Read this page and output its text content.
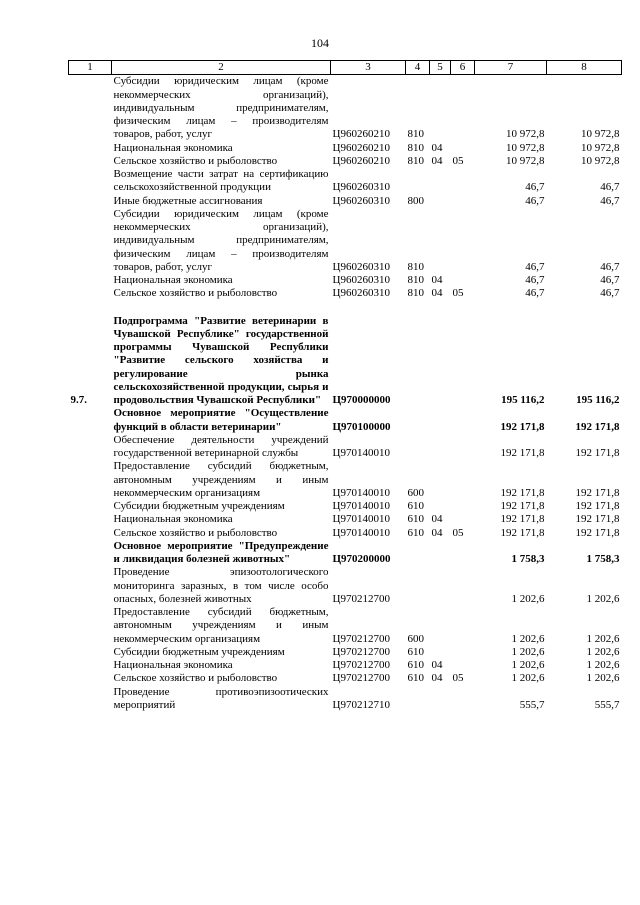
104
1	2	3	4	5	6	7	8
	Субсидии юридическим лицам (кроме некоммерческих организаций), индивидуальным предпринимателям, физическим лицам – производителям товаров, работ, услуг	Ц960260210	810			10 972,8	10 972,8
	Национальная экономика	Ц960260210	810	04		10 972,8	10 972,8
	Сельское хозяйство и рыболовство	Ц960260210	810	04	05	10 972,8	10 972,8
	Возмещение части затрат на сертификацию сельскохозяйственной продукции	Ц960260310				46,7	46,7
	Иные бюджетные ассигнования	Ц960260310	800			46,7	46,7
	Субсидии юридическим лицам (кроме некоммерческих организаций), индивидуальным предпринимателям, физическим лицам – производителям товаров, работ, услуг	Ц960260310	810			46,7	46,7
	Национальная экономика	Ц960260310	810	04		46,7	46,7
	Сельское хозяйство и рыболовство	Ц960260310	810	04	05	46,7	46,7

9.7.	Подпрограмма "Развитие ветеринарии в Чувашской Республике" государственной программы Чувашской Республики "Развитие сельского хозяйства и регулирование рынка сельскохозяйственной продукции, сырья и продовольствия Чувашской Республики"	Ц970000000				195 116,2	195 116,2
	Основное мероприятие "Осуществление функций в области ветеринарии"	Ц970100000				192 171,8	192 171,8
	Обеспечение деятельности учреждений государственной ветеринарной службы	Ц970140010				192 171,8	192 171,8
	Предоставление субсидий бюджетным, автономным учреждениям и иным некоммерческим организациям	Ц970140010	600			192 171,8	192 171,8
	Субсидии бюджетным учреждениям	Ц970140010	610			192 171,8	192 171,8
	Национальная экономика	Ц970140010	610	04		192 171,8	192 171,8
	Сельское хозяйство и рыболовство	Ц970140010	610	04	05	192 171,8	192 171,8
	Основное мероприятие "Предупреждение и ликвидация болезней животных"	Ц970200000				1 758,3	1 758,3
	Проведение эпизоотологического мониторинга заразных, в том числе особо опасных, болезней животных	Ц970212700				1 202,6	1 202,6
	Предоставление субсидий бюджетным, автономным учреждениям и иным некоммерческим организациям	Ц970212700	600			1 202,6	1 202,6
	Субсидии бюджетным учреждениям	Ц970212700	610			1 202,6	1 202,6
	Национальная экономика	Ц970212700	610	04		1 202,6	1 202,6
	Сельское хозяйство и рыболовство	Ц970212700	610	04	05	1 202,6	1 202,6
	Проведение противоэпизоотических мероприятий	Ц970212710				555,7	555,7
